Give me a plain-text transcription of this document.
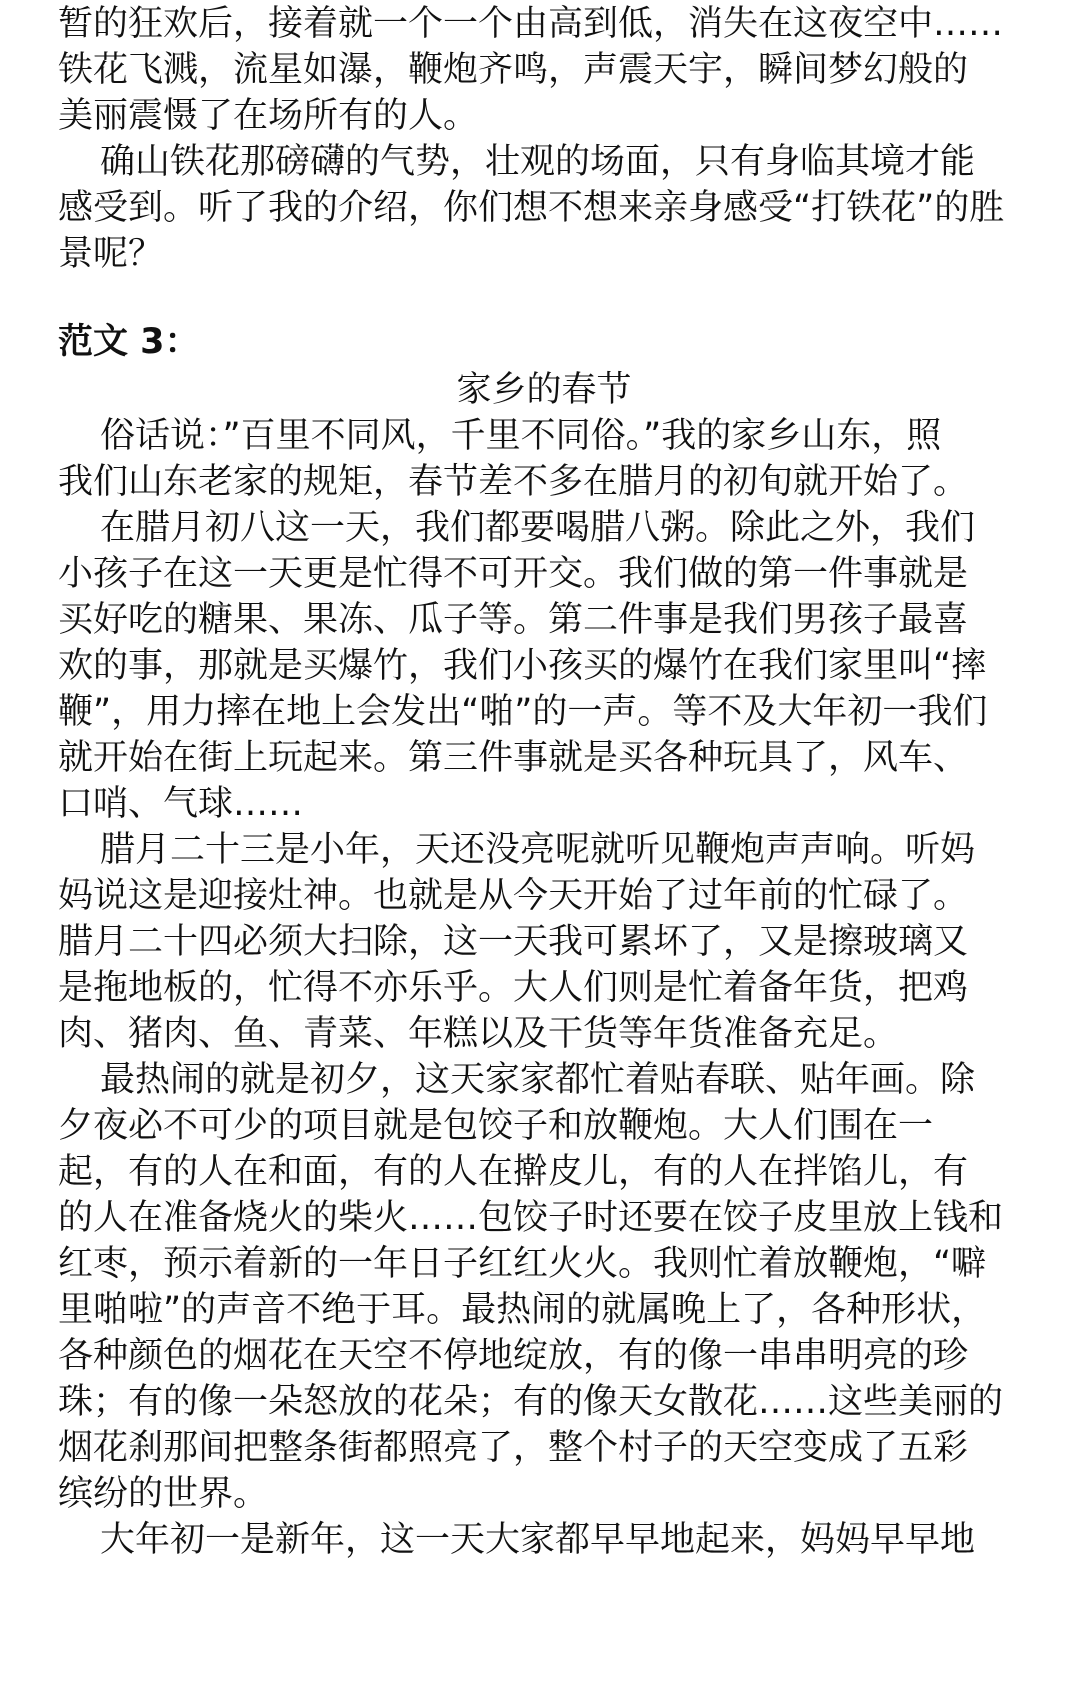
暂的狂欢后，接着就一个一个由高到低，消失在这夜空中……
铁花飞溅，流星如瀑，鞭炮齐鸣，声震天宇，瞬间梦幻般的
美丽震慑了在场所有的人。
确山铁花那磅礴的气势，壮观的场面，只有身临其境才能
感受到。听了我的介绍，你们想不想来亲身感受“打铁花”的胜
景呢？
范文 3：
家乡的春节
俗话说：”百里不同风，千里不同俗。”我的家乡山东，照
我们山东老家的规矩，春节差不多在腊月的初旬就开始了。
在腊月初八这一天，我们都要喝腊八粥。除此之外，我们
小孩子在这一天更是忙得不可开交。我们做的第一件事就是
买好吃的糖果、果冻、瓜子等。第二件事是我们男孩子最喜
欢的事，那就是买爆竹，我们小孩买的爆竹在我们家里叫“摔
鞭”，用力摔在地上会发出“啪”的一声。等不及大年初一我们
就开始在街上玩起来。第三件事就是买各种玩具了，风车、
口哨、气球……
腊月二十三是小年，天还没亮呢就听见鞭炮声声响。听妈
妈说这是迎接灶神。也就是从今天开始了过年前的忙碌了。
腊月二十四必须大扫除，这一天我可累坏了，又是擦玻璃又
是拖地板的，忙得不亦乐乎。大人们则是忙着备年货，把鸡
肉、猪肉、鱼、青菜、年糕以及干货等年货准备充足。
最热闹的就是初夕，这天家家都忙着贴春联、贴年画。除
夕夜必不可少的项目就是包饺子和放鞭炮。大人们围在一
起，有的人在和面，有的人在擀皮儿，有的人在拌馅儿，有
的人在准备烧火的柴火……包饺子时还要在饺子皮里放上钱和
红枣，预示着新的一年日子红红火火。我则忙着放鞭炮，“噼
里啪啦”的声音不绝于耳。最热闹的就属晚上了，各种形状，
各种颜色的烟花在天空不停地绽放，有的像一串串明亮的珍
珠；有的像一朵怒放的花朵；有的像天女散花……这些美丽的
烟花刹那间把整条街都照亮了，整个村子的天空变成了五彩
缤纷的世界。
大年初一是新年，这一天大家都早早地起来，妈妈早早地
